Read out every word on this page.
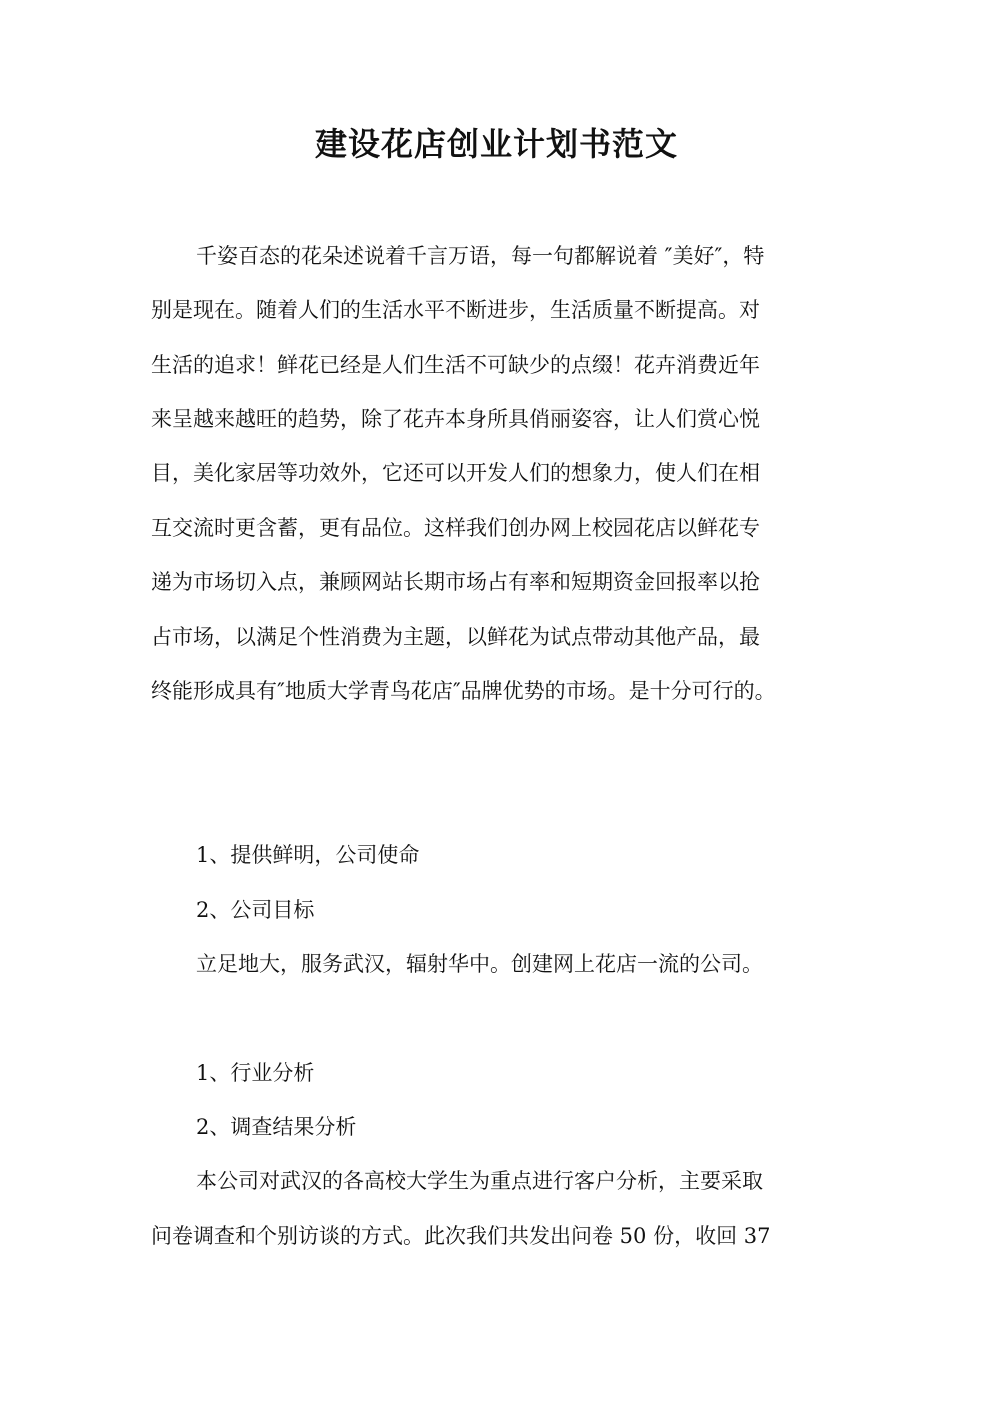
建设花店创业计划书范文
千姿百态的花朵述说着千言万语，每一句都解说着 ″美好″，特
别是现在。随着人们的生活水平不断进步，生活质量不断提高。对
生活的追求！鲜花已经是人们生活不可缺少的点缀！花卉消费近年
来呈越来越旺的趋势，除了花卉本身所具俏丽姿容，让人们赏心悦
目，美化家居等功效外，它还可以开发人们的想象力，使人们在相
互交流时更含蓄，更有品位。这样我们创办网上校园花店以鲜花专
递为市场切入点，兼顾网站长期市场占有率和短期资金回报率以抢
占市场，以满足个性消费为主题，以鲜花为试点带动其他产品，最
终能形成具有″地质大学青鸟花店″品牌优势的市场。是十分可行的。
1、提供鲜明，公司使命
2、公司目标
立足地大，服务武汉，辐射华中。创建网上花店一流的公司。
1、行业分析
2、调查结果分析
本公司对武汉的各高校大学生为重点进行客户分析，主要采取
问卷调查和个别访谈的方式。此次我们共发出问卷 50 份，收回 37
